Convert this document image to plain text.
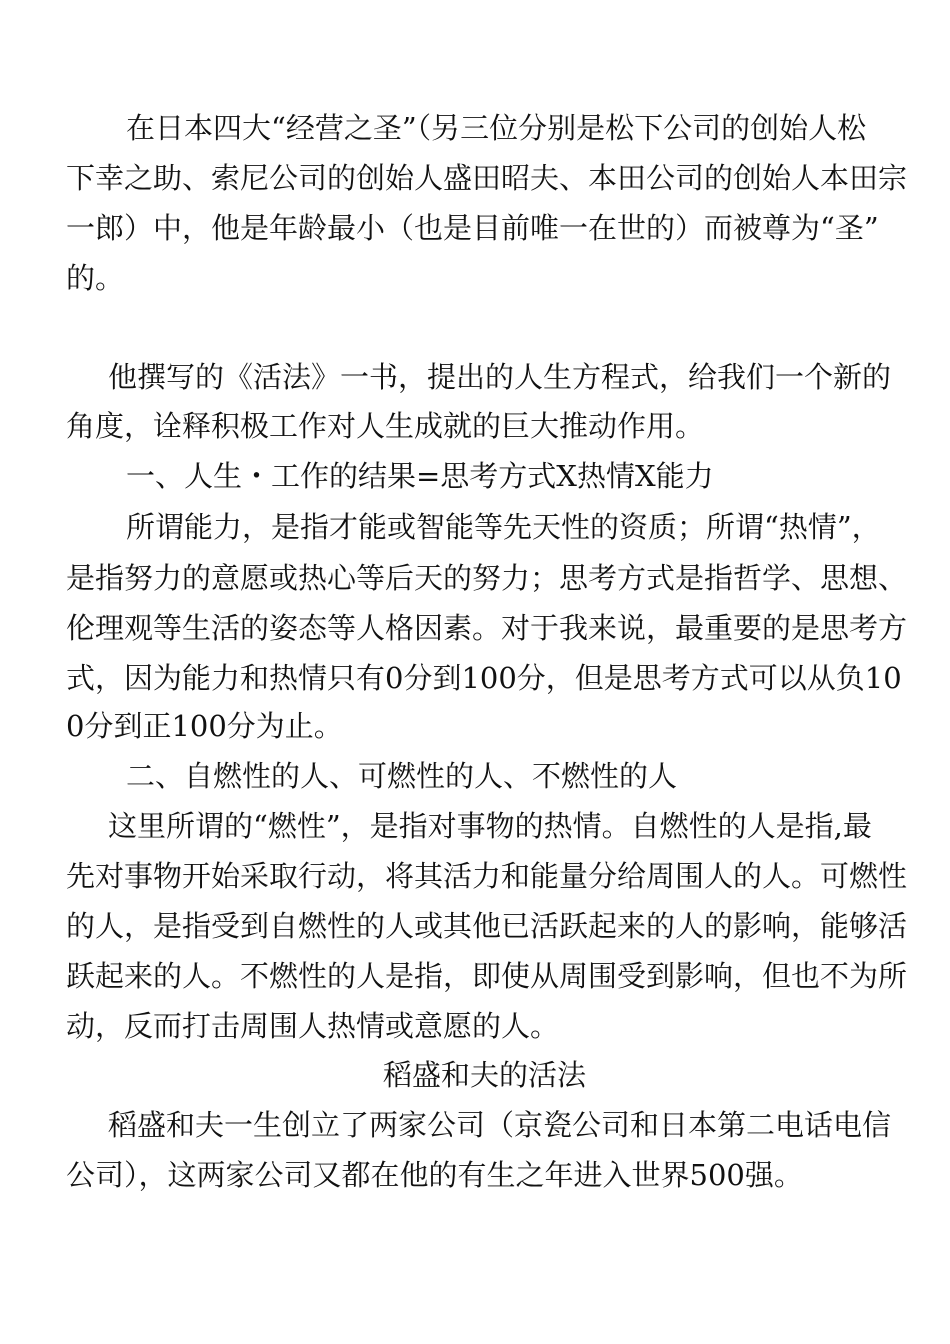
在日本四大“经营之圣”（另三位分别是松下公司的创始人松
下幸之助、索尼公司的创始人盛田昭夫、本田公司的创始人本田宗
一郎）中，他是年龄最小（也是目前唯一在世的）而被尊为“圣”
的。
他撰写的《活法》一书，提出的人生方程式，给我们一个新的
角度，诠释积极工作对人生成就的巨大推动作用。
一、人生・工作的结果=思考方式X热情X能力
所谓能力，是指才能或智能等先天性的资质；所谓“热情”，
是指努力的意愿或热心等后天的努力；思考方式是指哲学、思想、
伦理观等生活的姿态等人格因素。对于我来说，最重要的是思考方
式，因为能力和热情只有0分到100分，但是思考方式可以从负10
0分到正100分为止。
二、自燃性的人、可燃性的人、不燃性的人
这里所谓的“燃性”，是指对事物的热情。自燃性的人是指,最
先对事物开始采取行动，将其活力和能量分给周围人的人。可燃性
的人，是指受到自燃性的人或其他已活跃起来的人的影响，能够活
跃起来的人。不燃性的人是指，即使从周围受到影响，但也不为所
动，反而打击周围人热情或意愿的人。
稻盛和夫的活法
稻盛和夫一生创立了两家公司（京瓷公司和日本第二电话电信
公司），这两家公司又都在他的有生之年进入世界500强。
